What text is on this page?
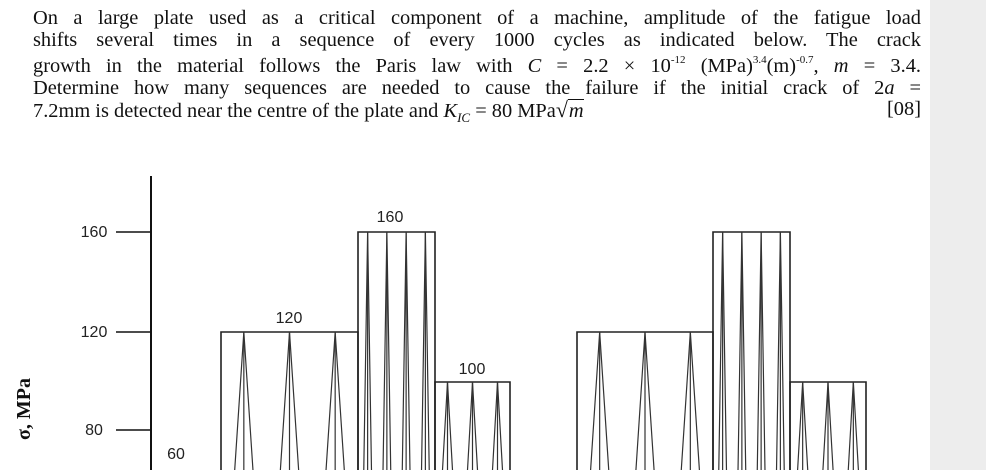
On a large plate used as a critical component of a machine, amplitude of the fatigue load
shifts several times in a sequence of every 1000 cycles as indicated below. The crack
growth in the material follows the Paris law with $C = 2.2 \times 10^{-12}$ $(MPa)^{3.4}(m)^{-0.7}$, m = 3.4.
Determine how many sequences are needed to cause the failure if the initial crack of 2a =
7.2mm is detected near the centre of the plate and $K_{IC} = 80$ MPa√m	[08]
σ, MPa
160
120
80
60
120
160
100
